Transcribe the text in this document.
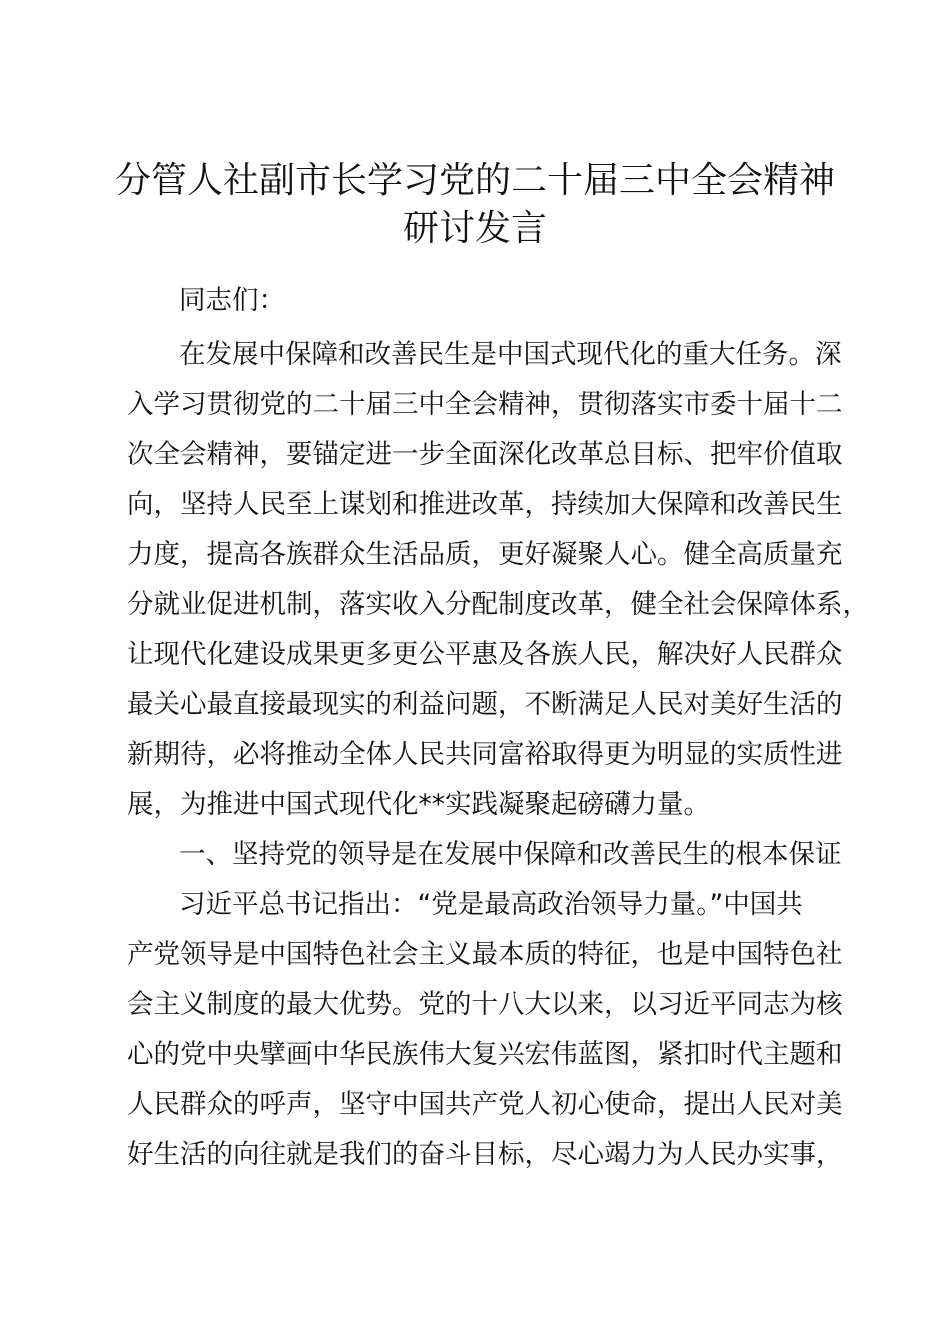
分管人社副市长学习党的二十届三中全会精神
研讨发言

同志们：

在发展中保障和改善民生是中国式现代化的重大任务。深

入学习贯彻党的二十届三中全会精神，贯彻落实市委十届十二

次全会精神，要锚定进一步全面深化改革总目标、把牢价值取

向，坚持人民至上谋划和推进改革，持续加大保障和改善民生

力度，提高各族群众生活品质，更好凝聚人心。健全高质量充

分就业促进机制，落实收入分配制度改革，健全社会保障体系，

让现代化建设成果更多更公平惠及各族人民，解决好人民群众

最关心最直接最现实的利益问题，不断满足人民对美好生活的

新期待，必将推动全体人民共同富裕取得更为明显的实质性进

展，为推进中国式现代化**实践凝聚起磅礴力量。

一、坚持党的领导是在发展中保障和改善民生的根本保证

习近平总书记指出：“党是最高政治领导力量。”中国共

产党领导是中国特色社会主义最本质的特征，也是中国特色社

会主义制度的最大优势。党的十八大以来，以习近平同志为核

心的党中央擘画中华民族伟大复兴宏伟蓝图，紧扣时代主题和

人民群众的呼声，坚守中国共产党人初心使命，提出人民对美

好生活的向往就是我们的奋斗目标，尽心竭力为人民办实事，
